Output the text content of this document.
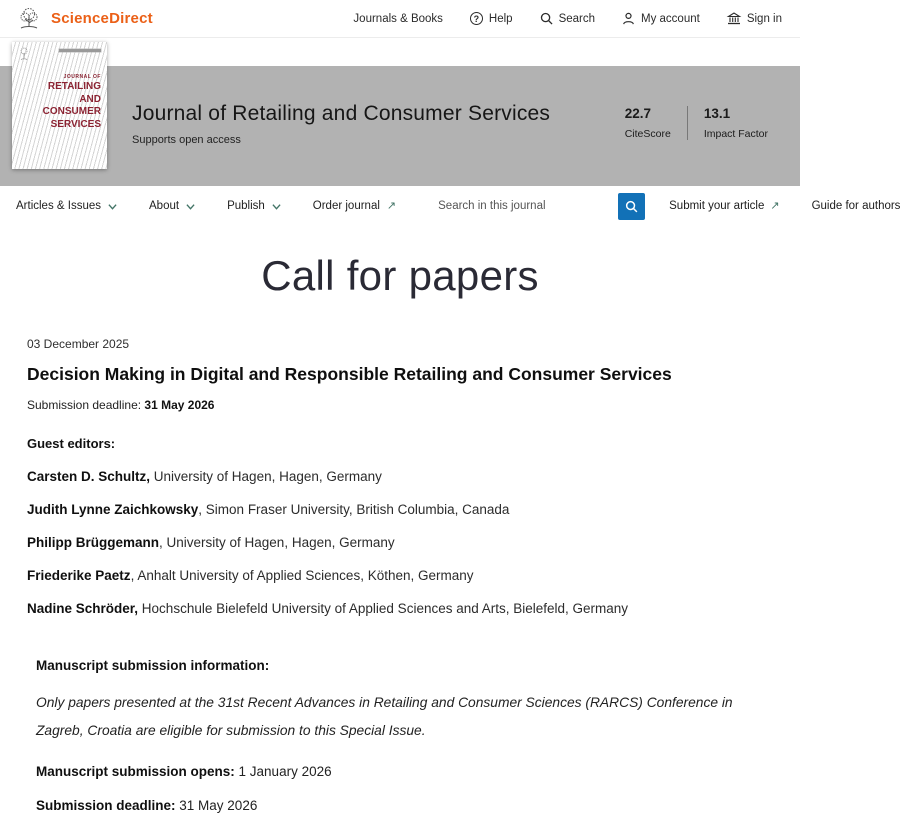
ScienceDirect	Journals & Books	? Help	Search	My account	Sign in
JOURNAL OF
RETAILING
AND
CONSUMER
SERVICES Journal of Retailing and Consumer Services
Supports open access
22.7
CiteScore
13.1
Impact Factor
Articles & Issues	About	Publish	Order journal ↗
Search in this journal	Submit your article ↗	Guide for authors
Call for papers
03 December 2025
Decision Making in Digital and Responsible Retailing and Consumer Services
Submission deadline: 31 May 2026
Guest editors:
Carsten D. Schultz, University of Hagen, Hagen, Germany
Judith Lynne Zaichkowsky, Simon Fraser University, British Columbia, Canada
Philipp Brüggemann, University of Hagen, Hagen, Germany
Friederike Paetz, Anhalt University of Applied Sciences, Köthen, Germany
Nadine Schröder, Hochschule Bielefeld University of Applied Sciences and Arts, Bielefeld, Germany
Manuscript submission information:
Only papers presented at the 31st Recent Advances in Retailing and Consumer Sciences (RARCS) Conference in Zagreb, Croatia are eligible for submission to this Special Issue.
Manuscript submission opens: 1 January 2026
Submission deadline: 31 May 2026
